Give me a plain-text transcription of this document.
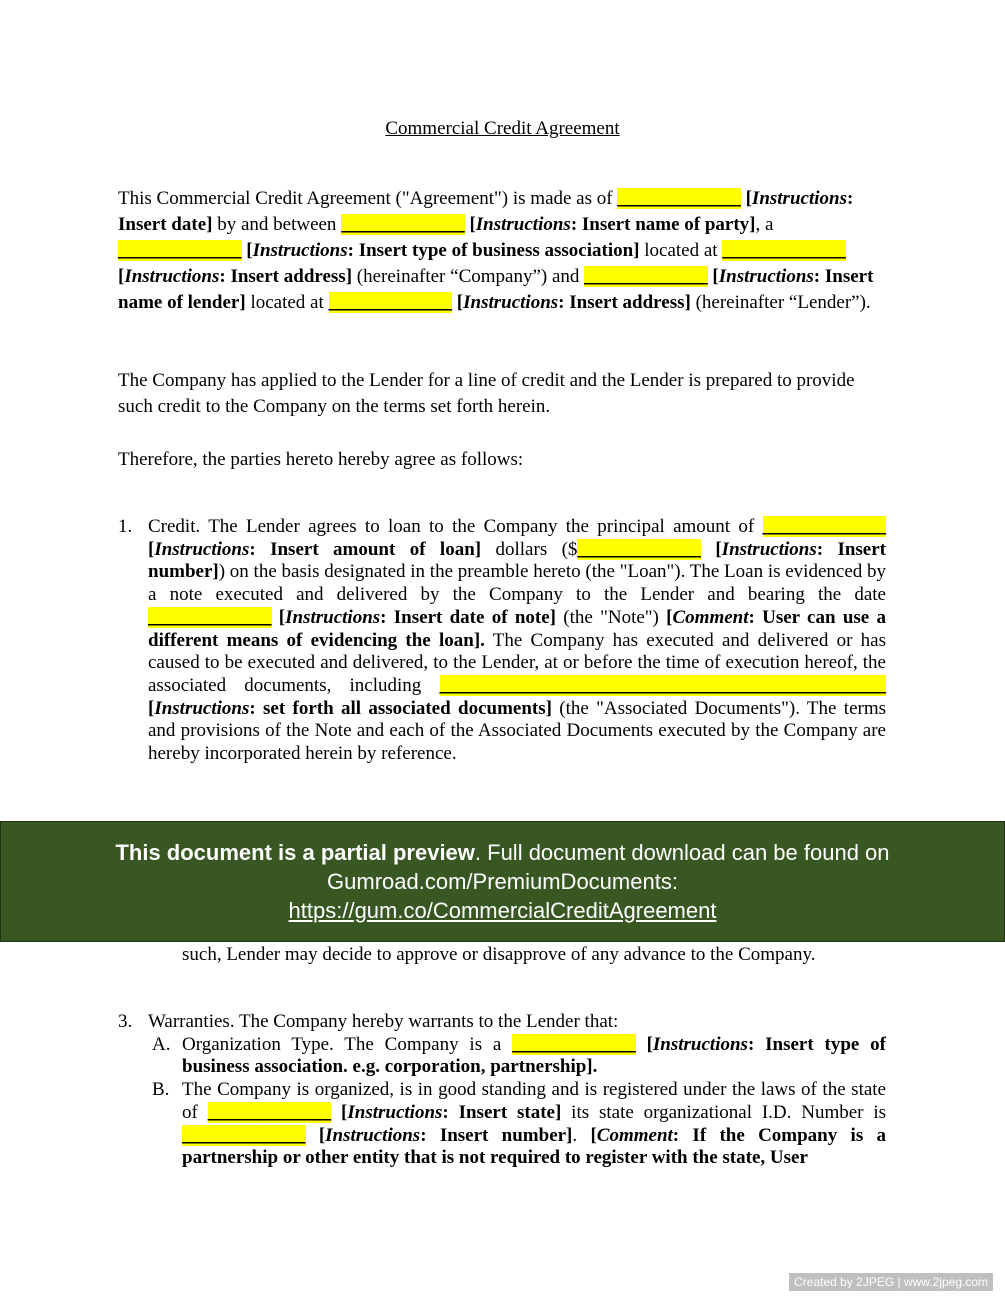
Commercial Credit Agreement
This Commercial Credit Agreement ("Agreement") is made as of _____________ [Instructions: Insert date] by and between _____________ [Instructions: Insert name of party], a _____________ [Instructions: Insert type of business association] located at _____________ [Instructions: Insert address] (hereinafter “Company”) and _____________ [Instructions: Insert name of lender] located at _____________ [Instructions: Insert address] (hereinafter “Lender”).
The Company has applied to the Lender for a line of credit and the Lender is prepared to provide such credit to the Company on the terms set forth herein.
Therefore, the parties hereto hereby agree as follows:
1. Credit. The Lender agrees to loan to the Company the principal amount of _____________ [Instructions: Insert amount of loan] dollars ($_____________ [Instructions: Insert number]) on the basis designated in the preamble hereto (the "Loan"). The Loan is evidenced by a note executed and delivered by the Company to the Lender and bearing the date _____________ [Instructions: Insert date of note] (the "Note") [Comment: User can use a different means of evidencing the loan]. The Company has executed and delivered or has caused to be executed and delivered, to the Lender, at or before the time of execution hereof, the associated documents, including _______________________________________________ [Instructions: set forth all associated documents] (the "Associated Documents"). The terms and provisions of the Note and each of the Associated Documents executed by the Company are hereby incorporated herein by reference.
This document is a partial preview. Full document download can be found on
Gumroad.com/PremiumDocuments:
https://gum.co/CommercialCreditAgreement
such, Lender may decide to approve or disapprove of any advance to the Company.
3. Warranties. The Company hereby warrants to the Lender that:
A. Organization Type. The Company is a _____________ [Instructions: Insert type of business association. e.g. corporation, partnership].
B. The Company is organized, is in good standing and is registered under the laws of the state of _____________ [Instructions: Insert state] its state organizational I.D. Number is _____________ [Instructions: Insert number]. [Comment: If the Company is a partnership or other entity that is not required to register with the state, User
Created by 2JPEG | www.2jpeg.com
